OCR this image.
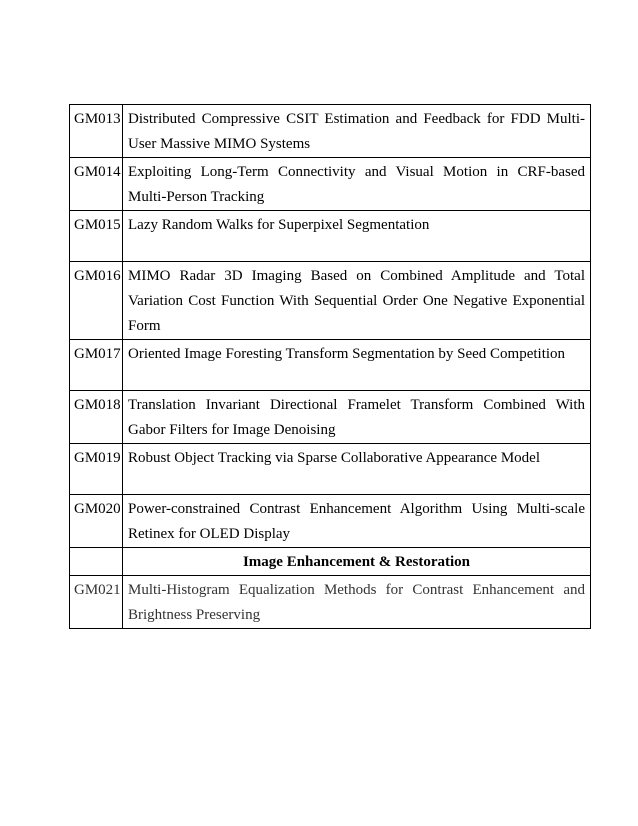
GM013	Distributed Compressive CSIT Estimation and Feedback for FDD Multi-User Massive MIMO Systems
GM014	Exploiting Long-Term Connectivity and Visual Motion in CRF-based Multi-Person Tracking
GM015	Lazy Random Walks for Superpixel Segmentation
GM016	MIMO Radar 3D Imaging Based on Combined Amplitude and Total Variation Cost Function With Sequential Order One Negative Exponential Form
GM017	Oriented Image Foresting Transform Segmentation by Seed Competition
GM018	Translation Invariant Directional Framelet Transform Combined With Gabor Filters for Image Denoising
GM019	Robust Object Tracking via Sparse Collaborative Appearance Model
GM020	Power-constrained Contrast Enhancement Algorithm Using Multi-scale Retinex for OLED Display
	Image Enhancement & Restoration
GM021	Multi-Histogram Equalization Methods for Contrast Enhancement and Brightness Preserving
